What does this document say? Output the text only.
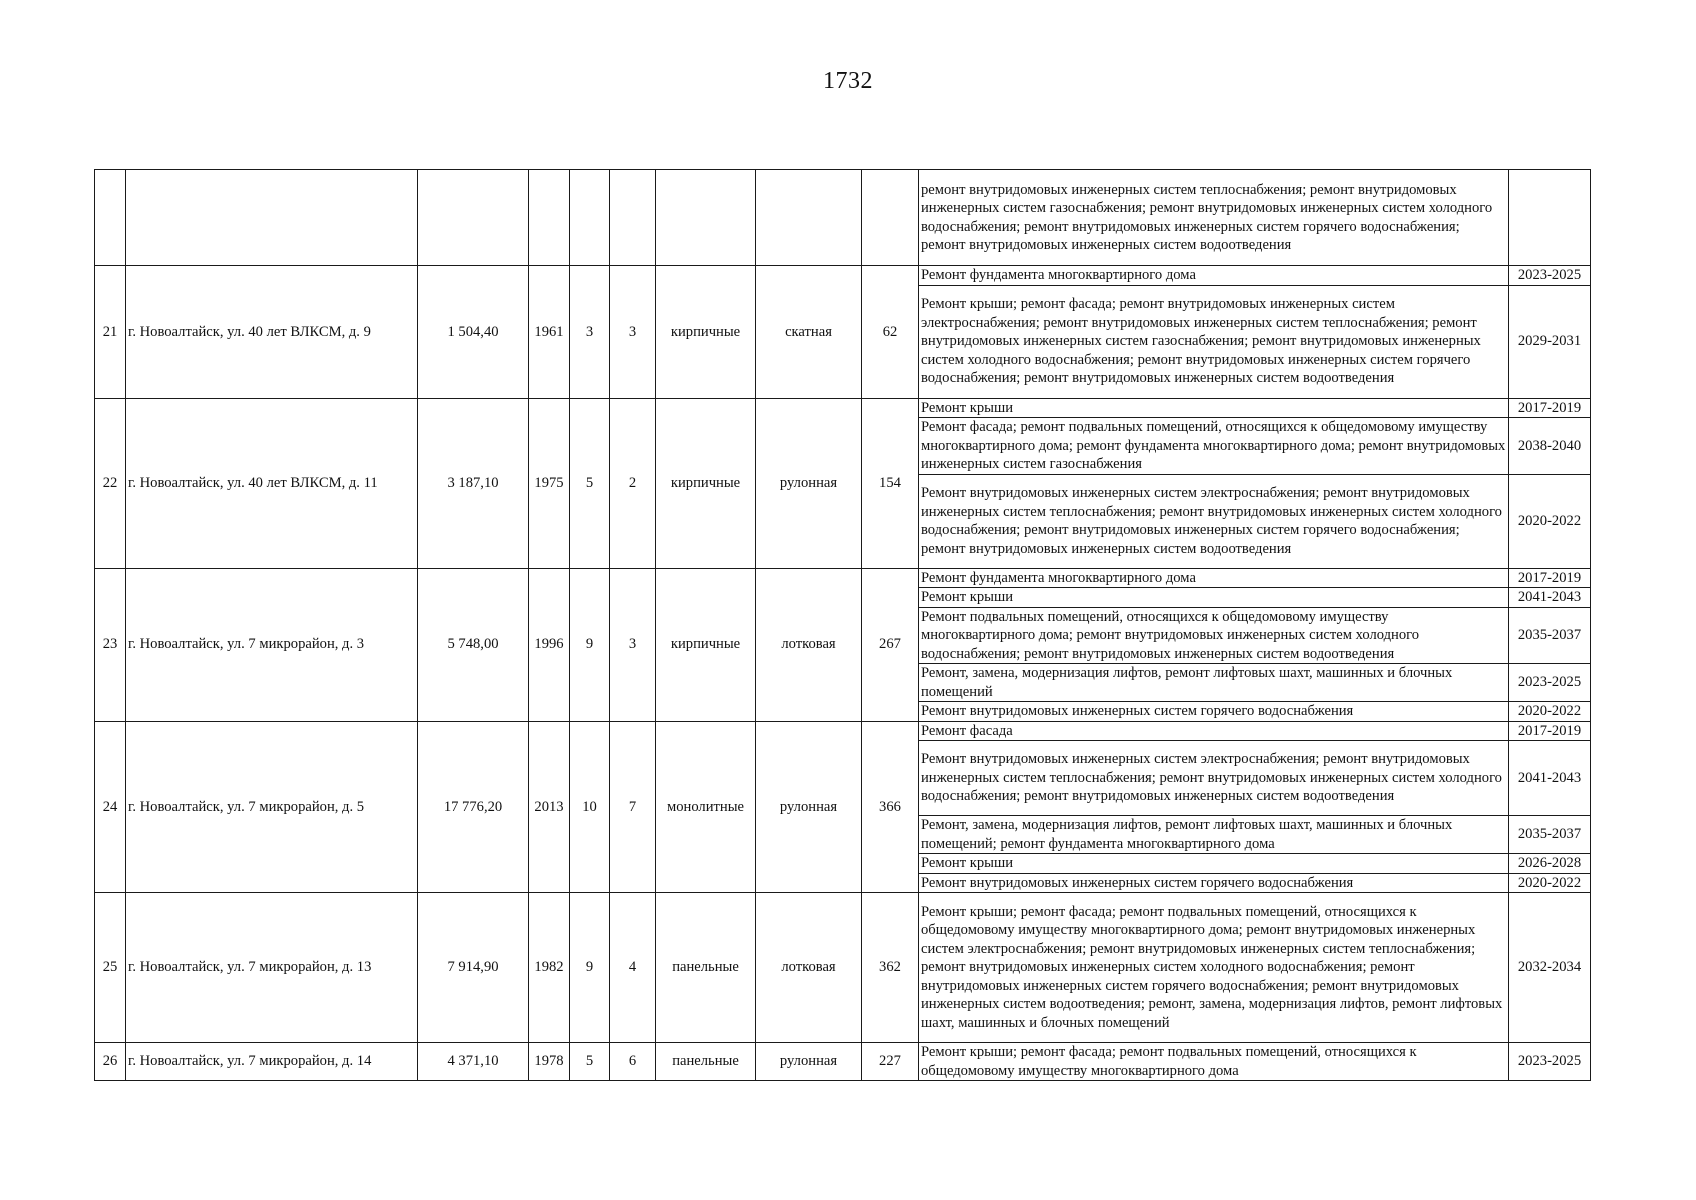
1732
									ремонт внутридомовых инженерных систем теплоснабжения; ремонт внутридомовых инженерных систем газоснабжения; ремонт внутридомовых инженерных систем холодного водоснабжения; ремонт внутридомовых инженерных систем горячего водоснабжения; ремонт внутридомовых инженерных систем водоотведения	
21	г. Новоалтайск, ул. 40 лет ВЛКСМ, д. 9	1 504,40	1961	3	3	кирпичные	скатная	62	Ремонт фундамента многоквартирного дома	2023-2025
									Ремонт крыши; ремонт фасада; ремонт внутридомовых инженерных систем электроснабжения; ремонт внутридомовых инженерных систем теплоснабжения; ремонт внутридомовых инженерных систем газоснабжения; ремонт внутридомовых инженерных систем холодного водоснабжения; ремонт внутридомовых инженерных систем горячего водоснабжения; ремонт внутридомовых инженерных систем водоотведения	2029-2031
22	г. Новоалтайск, ул. 40 лет ВЛКСМ, д. 11	3 187,10	1975	5	2	кирпичные	рулонная	154	Ремонт крыши	2017-2019
									Ремонт фасада; ремонт подвальных помещений, относящихся к общедомовому имуществу многоквартирного дома; ремонт фундамента многоквартирного дома; ремонт внутридомовых инженерных систем газоснабжения	2038-2040
									Ремонт внутридомовых инженерных систем электроснабжения; ремонт внутридомовых инженерных систем теплоснабжения; ремонт внутридомовых инженерных систем холодного водоснабжения; ремонт внутридомовых инженерных систем горячего водоснабжения; ремонт внутридомовых инженерных систем водоотведения	2020-2022
23	г. Новоалтайск, ул. 7 микрорайон, д. 3	5 748,00	1996	9	3	кирпичные	лотковая	267	Ремонт фундамента многоквартирного дома	2017-2019
									Ремонт крыши	2041-2043
									Ремонт подвальных помещений, относящихся к общедомовому имуществу многоквартирного дома; ремонт внутридомовых инженерных систем холодного водоснабжения; ремонт внутридомовых инженерных систем водоотведения	2035-2037
									Ремонт, замена, модернизация лифтов, ремонт лифтовых шахт, машинных и блочных помещений	2023-2025
									Ремонт внутридомовых инженерных систем горячего водоснабжения	2020-2022
24	г. Новоалтайск, ул. 7 микрорайон, д. 5	17 776,20	2013	10	7	монолитные	рулонная	366	Ремонт фасада	2017-2019
									Ремонт внутридомовых инженерных систем электроснабжения; ремонт внутридомовых инженерных систем теплоснабжения; ремонт внутридомовых инженерных систем холодного водоснабжения; ремонт внутридомовых инженерных систем водоотведения	2041-2043
									Ремонт, замена, модернизация лифтов, ремонт лифтовых шахт, машинных и блочных помещений; ремонт фундамента многоквартирного дома	2035-2037
									Ремонт крыши	2026-2028
									Ремонт внутридомовых инженерных систем горячего водоснабжения	2020-2022
25	г. Новоалтайск, ул. 7 микрорайон, д. 13	7 914,90	1982	9	4	панельные	лотковая	362	Ремонт крыши; ремонт фасада; ремонт подвальных помещений, относящихся к общедомовому имуществу многоквартирного дома; ремонт внутридомовых инженерных систем электроснабжения; ремонт внутридомовых инженерных систем теплоснабжения; ремонт внутридомовых инженерных систем холодного водоснабжения; ремонт внутридомовых инженерных систем горячего водоснабжения; ремонт внутридомовых инженерных систем водоотведения; ремонт, замена, модернизация лифтов, ремонт лифтовых шахт, машинных и блочных помещений	2032-2034
26	г. Новоалтайск, ул. 7 микрорайон, д. 14	4 371,10	1978	5	6	панельные	рулонная	227	Ремонт крыши; ремонт фасада; ремонт подвальных помещений, относящихся к общедомовому имуществу многоквартирного дома	2023-2025
